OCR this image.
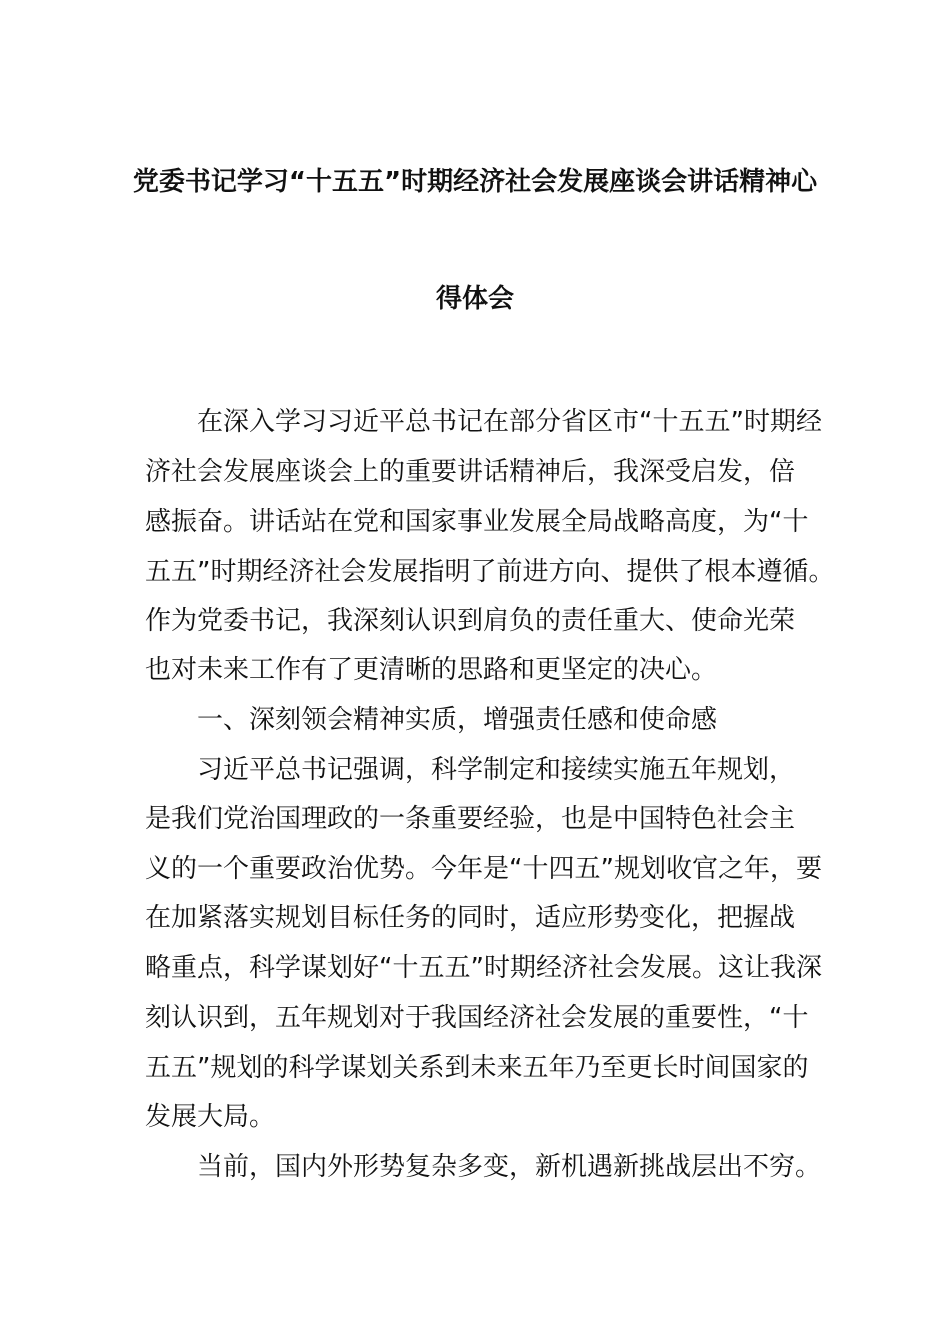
党委书记学习“十五五”时期经济社会发展座谈会讲话精神心
得体会
在深入学习习近平总书记在部分省区市“十五五”时期经
济社会发展座谈会上的重要讲话精神后，我深受启发，倍
感振奋。讲话站在党和国家事业发展全局战略高度，为“十
五五”时期经济社会发展指明了前进方向、提供了根本遵循。
作为党委书记，我深刻认识到肩负的责任重大、使命光荣
也对未来工作有了更清晰的思路和更坚定的决心。
一、深刻领会精神实质，增强责任感和使命感
习近平总书记强调，科学制定和接续实施五年规划，
是我们党治国理政的一条重要经验，也是中国特色社会主
义的一个重要政治优势。今年是“十四五”规划收官之年，要
在加紧落实规划目标任务的同时，适应形势变化，把握战
略重点，科学谋划好“十五五”时期经济社会发展。这让我深
刻认识到，五年规划对于我国经济社会发展的重要性，“十
五五”规划的科学谋划关系到未来五年乃至更长时间国家的
发展大局。
当前，国内外形势复杂多变，新机遇新挑战层出不穷。
